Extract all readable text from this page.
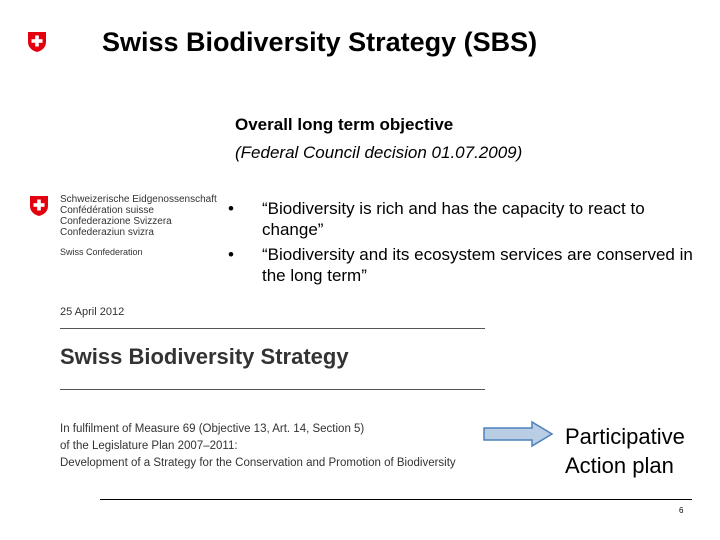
Swiss Biodiversity Strategy (SBS)
Overall long term objective
(Federal Council decision 01.07.2009)
•	“Biodiversity is rich and has the capacity to react to change”
•	“Biodiversity and its ecosystem services are conserved in the long term”
Schweizerische Eidgenossenschaft
Confédération suisse
Confederazione Svizzera
Confederaziun svizra
Swiss Confederation
25 April 2012
Swiss Biodiversity Strategy
In fulfilment of Measure 69 (Objective 13, Art. 14, Section 5)
of the Legislature Plan 2007–2011:
Development of a Strategy for the Conservation and Promotion of Biodiversity
Participative
Action plan
6
